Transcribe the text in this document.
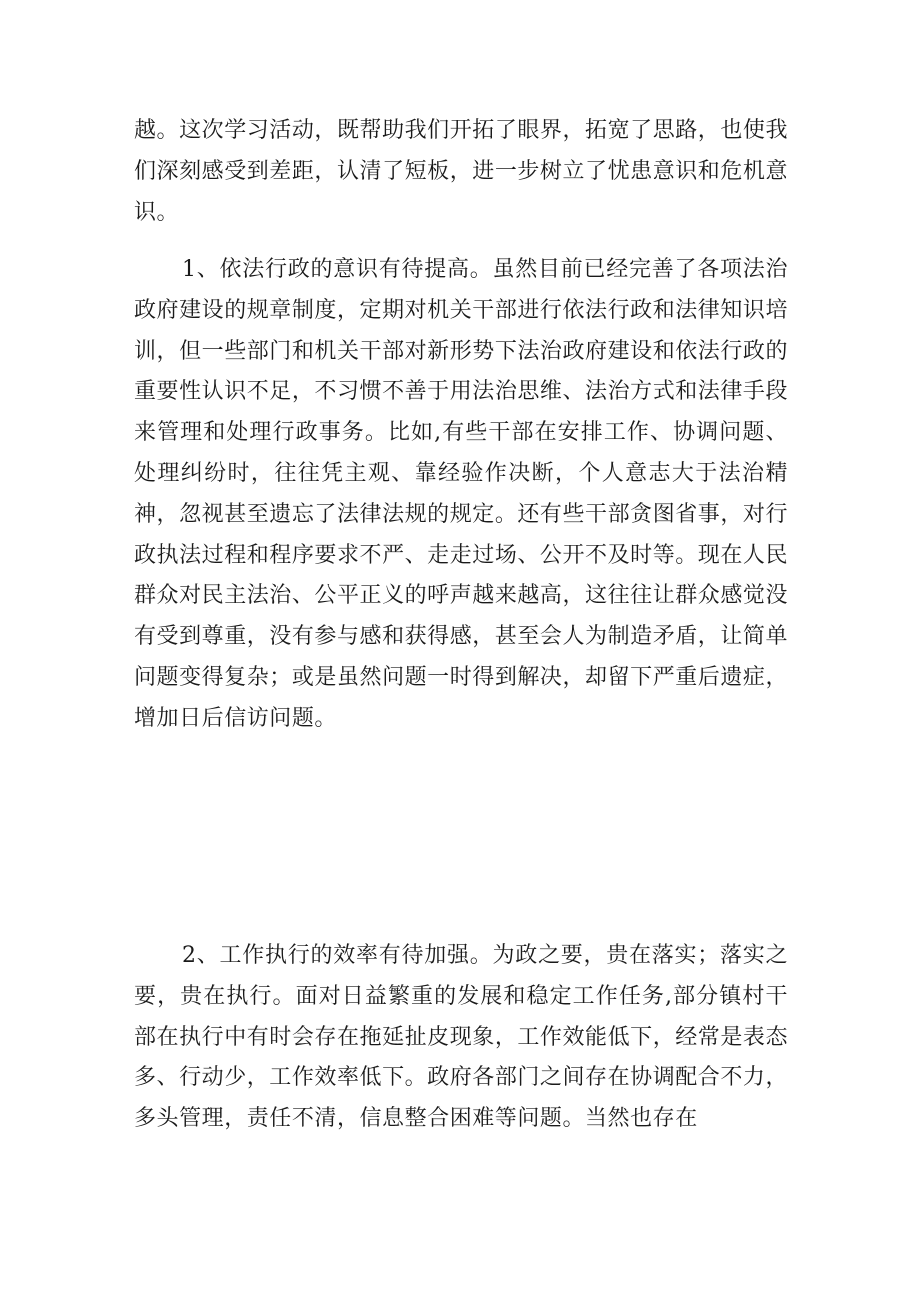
越。这次学习活动，既帮助我们开拓了眼界，拓宽了思路，也使我们深刻感受到差距，认清了短板，进一步树立了忧患意识和危机意识。

1、依法行政的意识有待提高。虽然目前已经完善了各项法治政府建设的规章制度，定期对机关干部进行依法行政和法律知识培训，但一些部门和机关干部对新形势下法治政府建设和依法行政的重要性认识不足，不习惯不善于用法治思维、法治方式和法律手段来管理和处理行政事务。比如,有些干部在安排工作、协调问题、处理纠纷时，往往凭主观、靠经验作决断，个人意志大于法治精神，忽视甚至遗忘了法律法规的规定。还有些干部贪图省事，对行政执法过程和程序要求不严、走走过场、公开不及时等。现在人民群众对民主法治、公平正义的呼声越来越高，这往往让群众感觉没有受到尊重，没有参与感和获得感，甚至会人为制造矛盾，让简单问题变得复杂；或是虽然问题一时得到解决，却留下严重后遗症，增加日后信访问题。

2、工作执行的效率有待加强。为政之要，贵在落实；落实之要，贵在执行。面对日益繁重的发展和稳定工作任务,部分镇村干部在执行中有时会存在拖延扯皮现象，工作效能低下，经常是表态多、行动少，工作效率低下。政府各部门之间存在协调配合不力，多头管理，责任不清，信息整合困难等问题。当然也存在
